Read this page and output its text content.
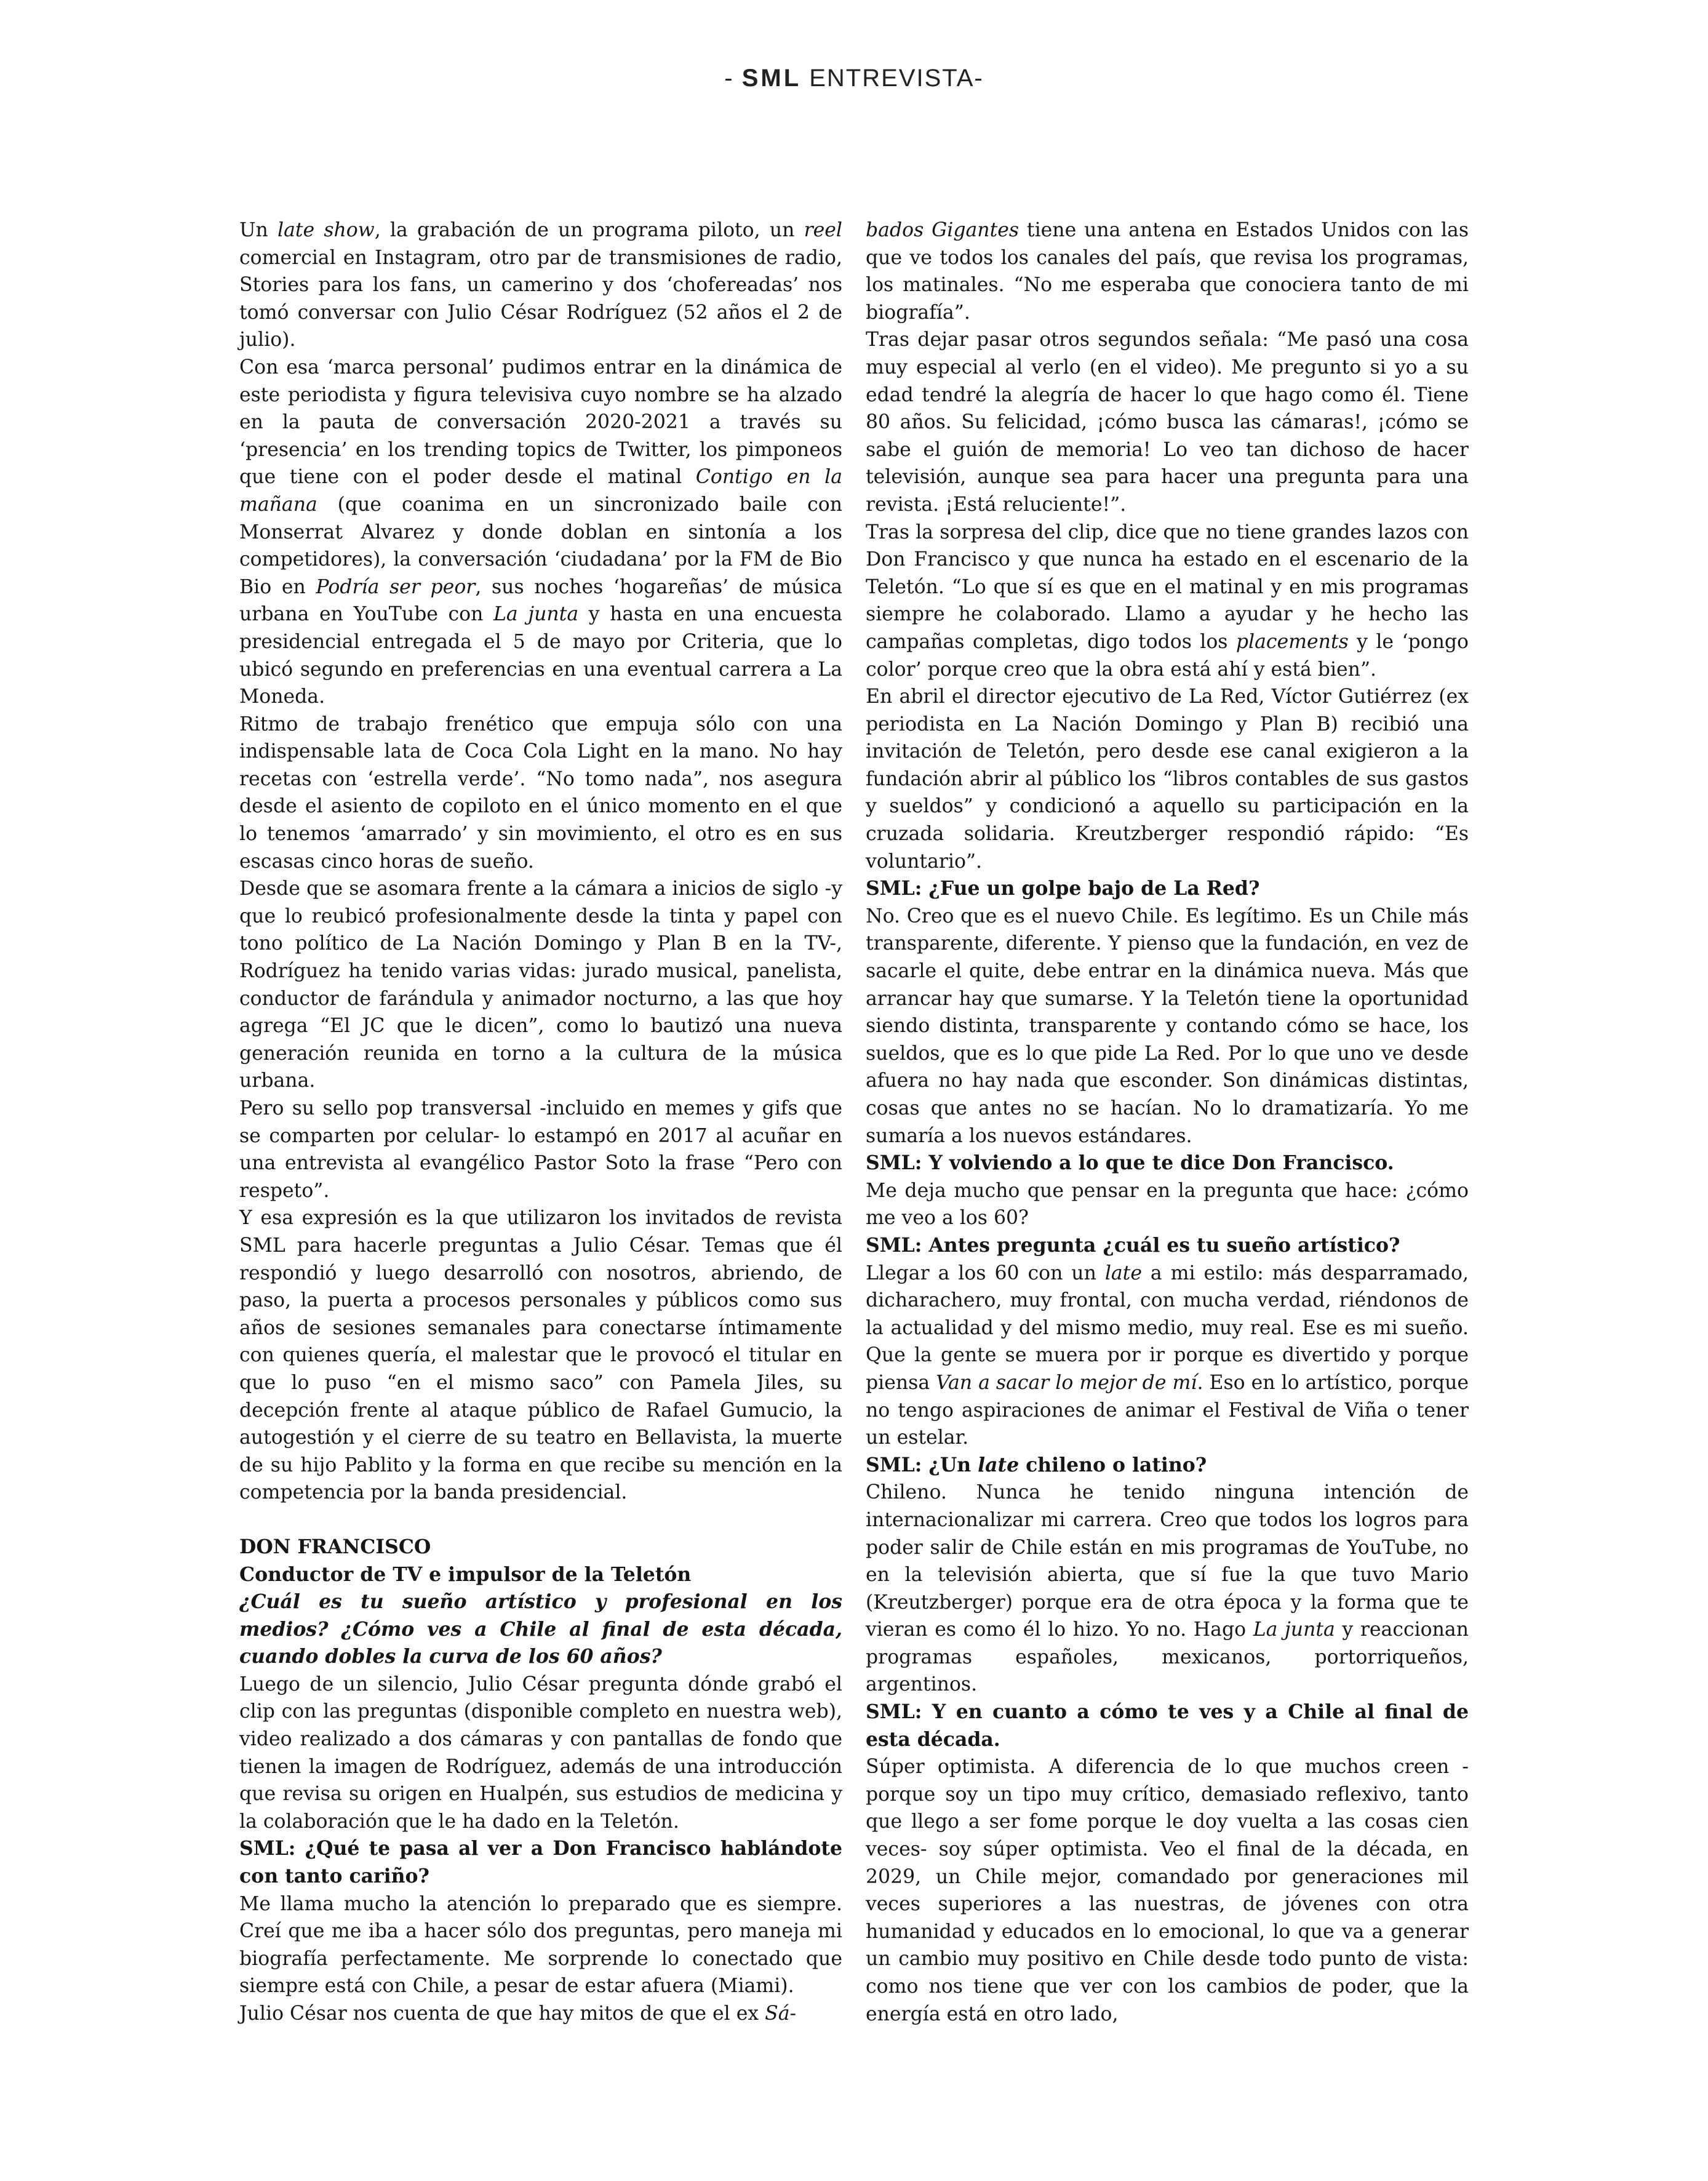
- SML ENTREVISTA-

Un late show, la grabación de un programa piloto, un reel comercial en Instagram, otro par de transmisiones de radio, Stories para los fans, un camerino y dos ‘chofereadas’ nos tomó conversar con Julio César Rodríguez (52 años el 2 de julio).

Con esa ‘marca personal’ pudimos entrar en la dinámica de este periodista y figura televisiva cuyo nombre se ha alzado en la pauta de conversación 2020-2021 a través su ‘presencia’ en los trending topics de Twitter, los pimponeos que tiene con el poder desde el matinal Contigo en la mañana (que coanima en un sincronizado baile con Monserrat Alvarez y donde doblan en sintonía a los competidores), la conversación ‘ciudadana’ por la FM de Bio Bio en Podría ser peor, sus noches ‘hogareñas’ de música urbana en YouTube con La junta y hasta en una encuesta presidencial entregada el 5 de mayo por Criteria, que lo ubicó segundo en preferencias en una eventual carrera a La Moneda.

Ritmo de trabajo frenético que empuja sólo con una indispensable lata de Coca Cola Light en la mano. No hay recetas con ‘estrella verde’. “No tomo nada”, nos asegura desde el asiento de copiloto en el único momento en el que lo tenemos ‘amarrado’ y sin movimiento, el otro es en sus escasas cinco horas de sueño.

Desde que se asomara frente a la cámara a inicios de siglo -y que lo reubicó profesionalmente desde la tinta y papel con tono político de La Nación Domingo y Plan B en la TV-, Rodríguez ha tenido varias vidas: jurado musical, panelista, conductor de farándula y animador nocturno, a las que hoy agrega “El JC que le dicen”, como lo bautizó una nueva generación reunida en torno a la cultura de la música urbana.

Pero su sello pop transversal -incluido en memes y gifs que se comparten por celular- lo estampó en 2017 al acuñar en una entrevista al evangélico Pastor Soto la frase “Pero con respeto”.

Y esa expresión es la que utilizaron los invitados de revista SML para hacerle preguntas a Julio César. Temas que él respondió y luego desarrolló con nosotros, abriendo, de paso, la puerta a procesos personales y públicos como sus años de sesiones semanales para conectarse íntimamente con quienes quería, el malestar que le provocó el titular en que lo puso “en el mismo saco” con Pamela Jiles, su decepción frente al ataque público de Rafael Gumucio, la autogestión y el cierre de su teatro en Bellavista, la muerte de su hijo Pablito y la forma en que recibe su mención en la competencia por la banda presidencial.

DON FRANCISCO

Conductor de TV e impulsor de la Teletón

¿Cuál es tu sueño artístico y profesional en los medios? ¿Cómo ves a Chile al final de esta década, cuando dobles la curva de los 60 años?

Luego de un silencio, Julio César pregunta dónde grabó el clip con las preguntas (disponible completo en nuestra web), video realizado a dos cámaras y con pantallas de fondo que tienen la imagen de Rodríguez, además de una introducción que revisa su origen en Hualpén, sus estudios de medicina y la colaboración que le ha dado en la Teletón.

SML: ¿Qué te pasa al ver a Don Francisco hablándote con tanto cariño?

Me llama mucho la atención lo preparado que es siempre. Creí que me iba a hacer sólo dos preguntas, pero maneja mi biografía perfectamente. Me sorprende lo conectado que siempre está con Chile, a pesar de estar afuera (Miami).

Julio César nos cuenta de que hay mitos de que el ex Sá-

bados Gigantes tiene una antena en Estados Unidos con las que ve todos los canales del país, que revisa los programas, los matinales. “No me esperaba que conociera tanto de mi biografía”.

Tras dejar pasar otros segundos señala: “Me pasó una cosa muy especial al verlo (en el video). Me pregunto si yo a su edad tendré la alegría de hacer lo que hago como él. Tiene 80 años. Su felicidad, ¡cómo busca las cámaras!, ¡cómo se sabe el guión de memoria! Lo veo tan dichoso de hacer televisión, aunque sea para hacer una pregunta para una revista. ¡Está reluciente!”.

Tras la sorpresa del clip, dice que no tiene grandes lazos con Don Francisco y que nunca ha estado en el escenario de la Teletón. “Lo que sí es que en el matinal y en mis programas siempre he colaborado. Llamo a ayudar y he hecho las campañas completas, digo todos los placements y le ‘pongo color’ porque creo que la obra está ahí y está bien”.

En abril el director ejecutivo de La Red, Víctor Gutiérrez (ex periodista en La Nación Domingo y Plan B) recibió una invitación de Teletón, pero desde ese canal exigieron a la fundación abrir al público los “libros contables de sus gastos y sueldos” y condicionó a aquello su participación en la cruzada solidaria. Kreutzberger respondió rápido: “Es voluntario”.

SML: ¿Fue un golpe bajo de La Red?

No. Creo que es el nuevo Chile. Es legítimo. Es un Chile más transparente, diferente. Y pienso que la fundación, en vez de sacarle el quite, debe entrar en la dinámica nueva. Más que arrancar hay que sumarse. Y la Teletón tiene la oportunidad siendo distinta, transparente y contando cómo se hace, los sueldos, que es lo que pide La Red. Por lo que uno ve desde afuera no hay nada que esconder. Son dinámicas distintas, cosas que antes no se hacían. No lo dramatizaría. Yo me sumaría a los nuevos estándares.

SML: Y volviendo a lo que te dice Don Francisco.

Me deja mucho que pensar en la pregunta que hace: ¿cómo me veo a los 60?

SML: Antes pregunta ¿cuál es tu sueño artístico?

Llegar a los 60 con un late a mi estilo: más desparramado, dicharachero, muy frontal, con mucha verdad, riéndonos de la actualidad y del mismo medio, muy real. Ese es mi sueño. Que la gente se muera por ir porque es divertido y porque piensa Van a sacar lo mejor de mí. Eso en lo artístico, porque no tengo aspiraciones de animar el Festival de Viña o tener un estelar.

SML: ¿Un late chileno o latino?

Chileno. Nunca he tenido ninguna intención de internacionalizar mi carrera. Creo que todos los logros para poder salir de Chile están en mis programas de YouTube, no en la televisión abierta, que sí fue la que tuvo Mario (Kreutzberger) porque era de otra época y la forma que te vieran es como él lo hizo. Yo no. Hago La junta y reaccionan programas españoles, mexicanos, portorriqueños, argentinos.

SML: Y en cuanto a cómo te ves y a Chile al final de esta década.

Súper optimista. A diferencia de lo que muchos creen -porque soy un tipo muy crítico, demasiado reflexivo, tanto que llego a ser fome porque le doy vuelta a las cosas cien veces- soy súper optimista. Veo el final de la década, en 2029, un Chile mejor, comandado por generaciones mil veces superiores a las nuestras, de jóvenes con otra humanidad y educados en lo emocional, lo que va a generar un cambio muy positivo en Chile desde todo punto de vista: como nos tiene que ver con los cambios de poder, que la energía está en otro lado,
